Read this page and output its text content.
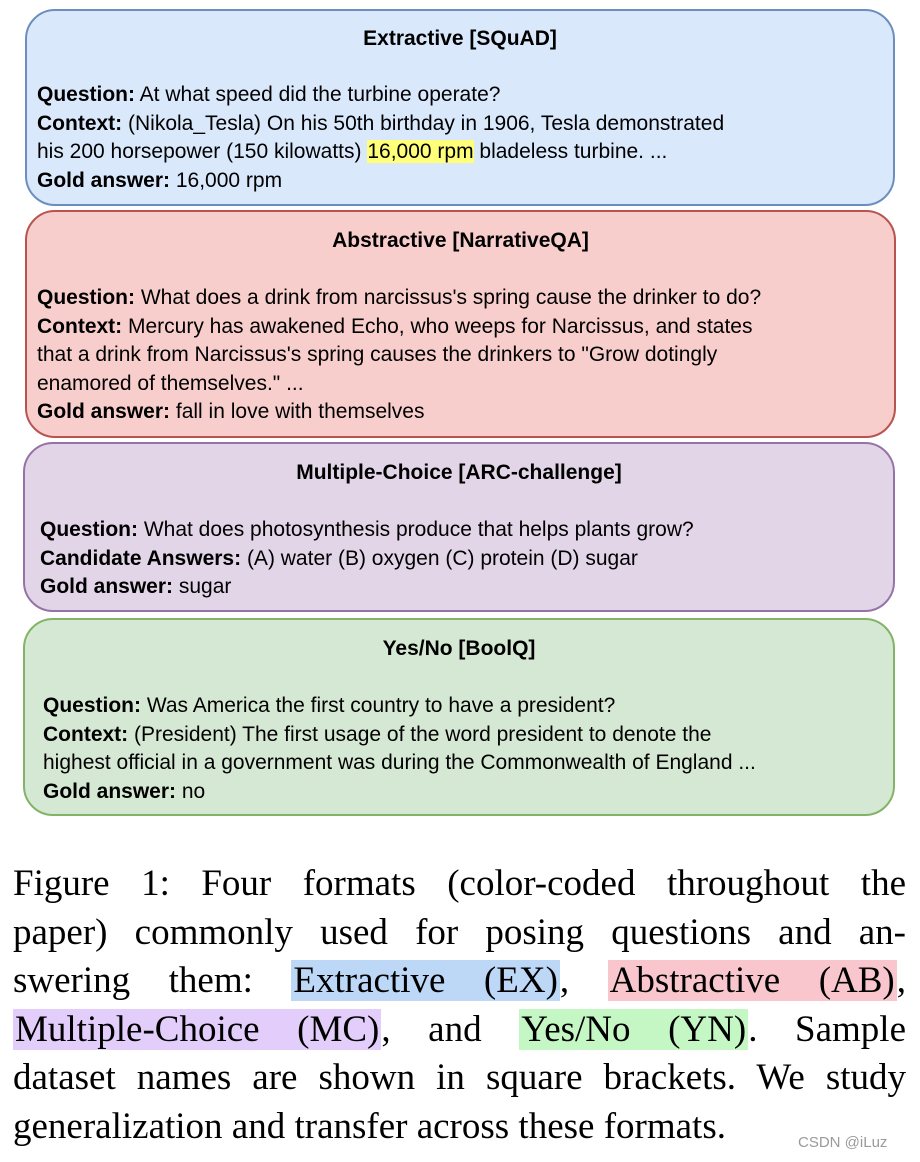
Extractive [SQuAD]
Question: At what speed did the turbine operate?
Context: (Nikola_Tesla) On his 50th birthday in 1906, Tesla demonstrated
his 200 horsepower (150 kilowatts) 16,000 rpm bladeless turbine. ...
Gold answer: 16,000 rpm
Abstractive [NarrativeQA]
Question: What does a drink from narcissus's spring cause the drinker to do?
Context: Mercury has awakened Echo, who weeps for Narcissus, and states
that a drink from Narcissus's spring causes the drinkers to "Grow dotingly
enamored of themselves." ...
Gold answer: fall in love with themselves
Multiple-Choice [ARC-challenge]
Question: What does photosynthesis produce that helps plants grow?
Candidate Answers: (A) water (B) oxygen (C) protein (D) sugar
Gold answer: sugar
Yes/No [BoolQ]
Question: Was America the first country to have a president?
Context: (President) The first usage of the word president to denote the
highest official in a government was during the Commonwealth of England ...
Gold answer: no
Figure 1: Four formats (color-coded throughout the
paper) commonly used for posing questions and an-
swering them: Extractive (EX), Abstractive (AB),
Multiple-Choice (MC), and Yes/No (YN). Sample
dataset names are shown in square brackets. We study
generalization and transfer across these formats.	CSDN @iLuz
